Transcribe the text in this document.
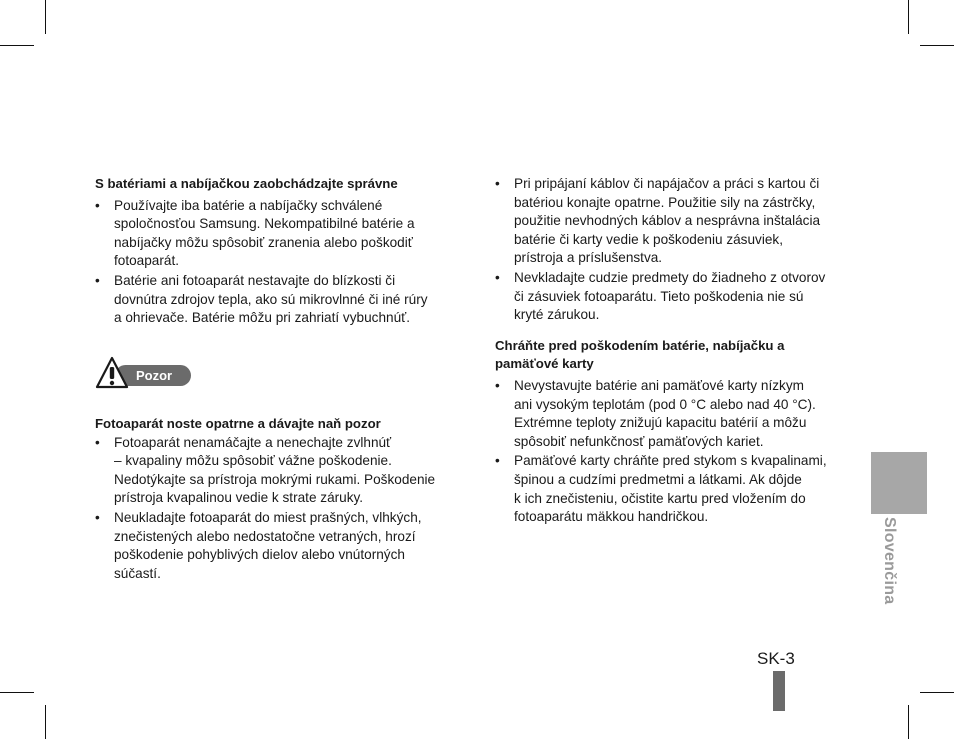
S batériami a nabíjačkou zaobchádzajte správne
• Používajte iba batérie a nabíjačky schválené
spoločnosťou Samsung. Nekompatibilné batérie a
nabíjačky môžu spôsobiť zranenia alebo poškodiť
fotoaparát.
• Batérie ani fotoaparát nestavajte do blízkosti či
dovnútra zdrojov tepla, ako sú mikrovlnné či iné rúry
a ohrievače. Batérie môžu pri zahriatí vybuchnúť.
Pozor
Fotoaparát noste opatrne a dávajte naň pozor
• Fotoaparát nenamáčajte a nenechajte zvlhnúť
– kvapaliny môžu spôsobiť vážne poškodenie.
Nedotýkajte sa prístroja mokrými rukami. Poškodenie
prístroja kvapalinou vedie k strate záruky.
• Neukladajte fotoaparát do miest prašných, vlhkých,
znečistených alebo nedostatočne vetraných, hrozí
poškodenie pohyblivých dielov alebo vnútorných
súčastí.
• Pri pripájaní káblov či napájačov a práci s kartou či
batériou konajte opatrne. Použitie sily na zástrčky,
použitie nevhodných káblov a nesprávna inštalácia
batérie či karty vedie k poškodeniu zásuviek,
prístroja a príslušenstva.
• Nevkladajte cudzie predmety do žiadneho z otvorov
či zásuviek fotoaparátu. Tieto poškodenia nie sú
kryté zárukou.
Chráňte pred poškodením batérie, nabíjačku a
pamäťové karty
• Nevystavujte batérie ani pamäťové karty nízkym
ani vysokým teplotám (pod 0 °C alebo nad 40 °C).
Extrémne teploty znižujú kapacitu batérií a môžu
spôsobiť nefunkčnosť pamäťových kariet.
• Pamäťové karty chráňte pred stykom s kvapalinami,
špinou a cudzími predmetmi a látkami. Ak dôjde
k ich znečisteniu, očistite kartu pred vložením do
fotoaparátu mäkkou handričkou.
Slovenčina
SK-3
